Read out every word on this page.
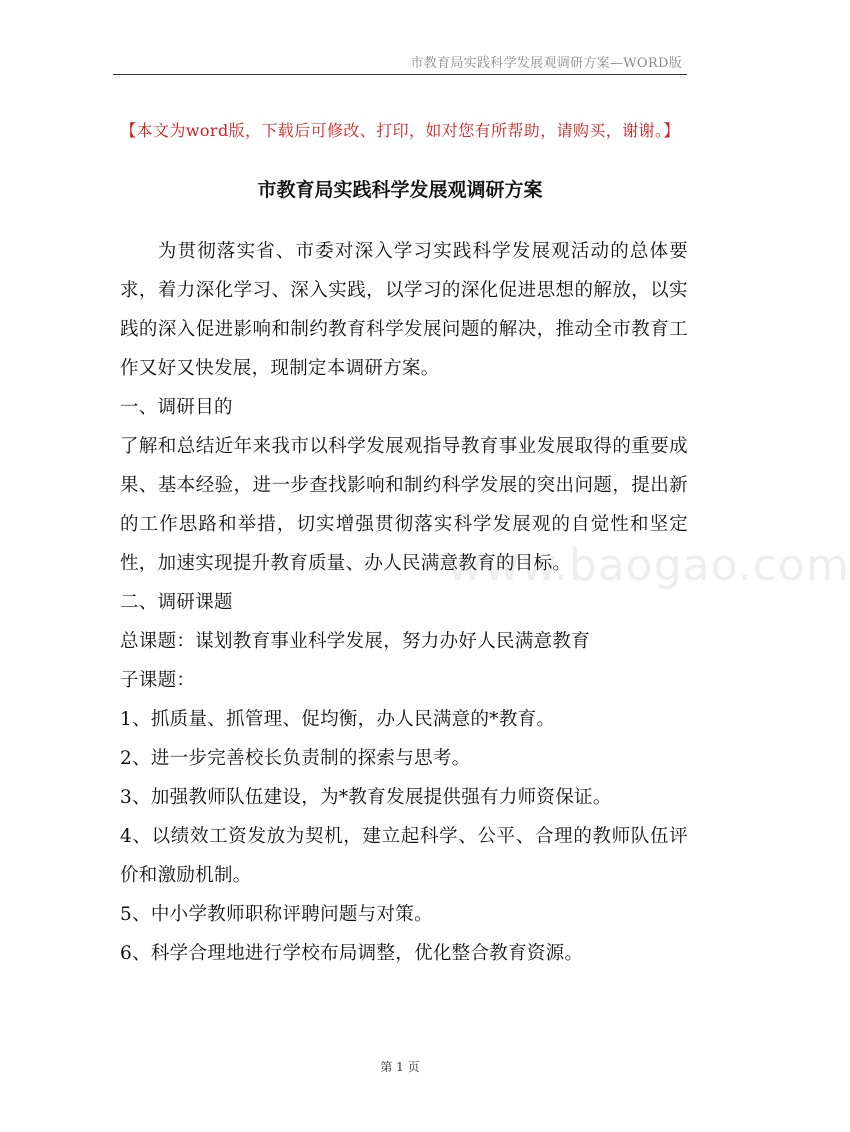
市教育局实践科学发展观调研方案—WORD版
【本文为word版，下载后可修改、打印，如对您有所帮助，请购买，谢谢。】
市教育局实践科学发展观调研方案
www.baogao.com

为贯彻落实省、市委对深入学习实践科学发展观活动的总体要求，着力深化学习、深入实践，以学习的深化促进思想的解放，以实践的深入促进影响和制约教育科学发展问题的解决，推动全市教育工作又好又快发展，现制定本调研方案。

一、调研目的

了解和总结近年来我市以科学发展观指导教育事业发展取得的重要成果、基本经验，进一步查找影响和制约科学发展的突出问题，提出新的工作思路和举措，切实增强贯彻落实科学发展观的自觉性和坚定性，加速实现提升教育质量、办人民满意教育的目标。

二、调研课题

总课题：谋划教育事业科学发展，努力办好人民满意教育

子课题：

1、抓质量、抓管理、促均衡，办人民满意的*教育。

2、进一步完善校长负责制的探索与思考。

3、加强教师队伍建设，为*教育发展提供强有力师资保证。

4、以绩效工资发放为契机，建立起科学、公平、合理的教师队伍评价和激励机制。

5、中小学教师职称评聘问题与对策。

6、科学合理地进行学校布局调整，优化整合教育资源。

第 1 页
